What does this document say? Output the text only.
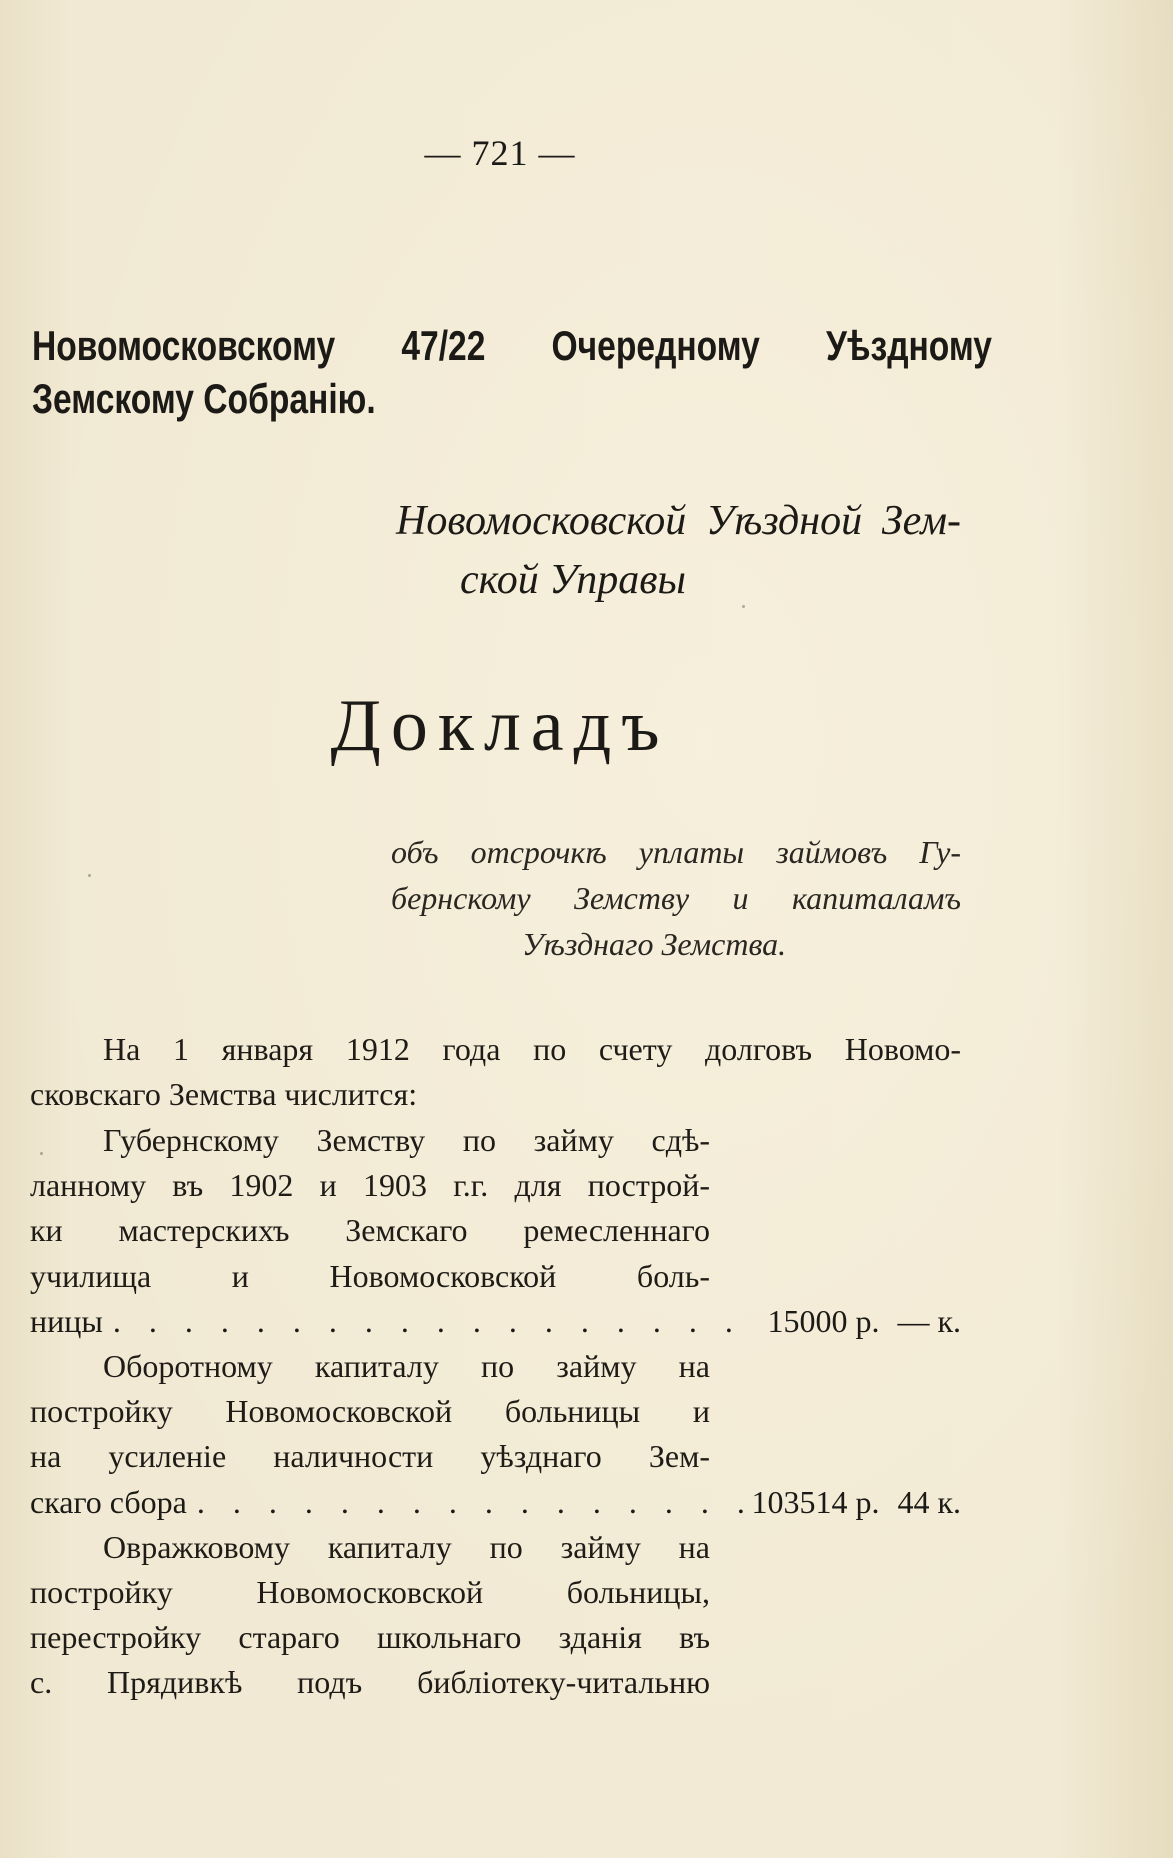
— 721 —
Новомосковскому 47/22 Очередному Уѣздному
Земскому Собранію.
Новомосковской Уѣздной Зем-
ской Управы
Докладъ
объ отсрочкѣ уплаты займовъ Гу-
бернскому Земству и капиталамъ
Уѣзднаго Земства.
На 1 января 1912 года по счету долговъ Новомо-
сковскаго Земства числится:
Губернскому Земству по займу сдѣ-
ланному въ 1902 и 1903 г.г. для построй-
ки мастерскихъ Земскаго ремесленнаго
училища и Новомосковской боль-
ницы . . .	15000 р. — к.
Оборотному капиталу по займу на
постройку Новомосковской больницы и
на усиленіе наличности уѣзднаго Зем-
скаго сбора . . .	103514 р. 44 к.
Овражковому капиталу по займу на
постройку Новомосковской больницы,
перестройку стараго школьнаго зданія въ
с. Прядивкѣ подъ библіотеку-читальню
